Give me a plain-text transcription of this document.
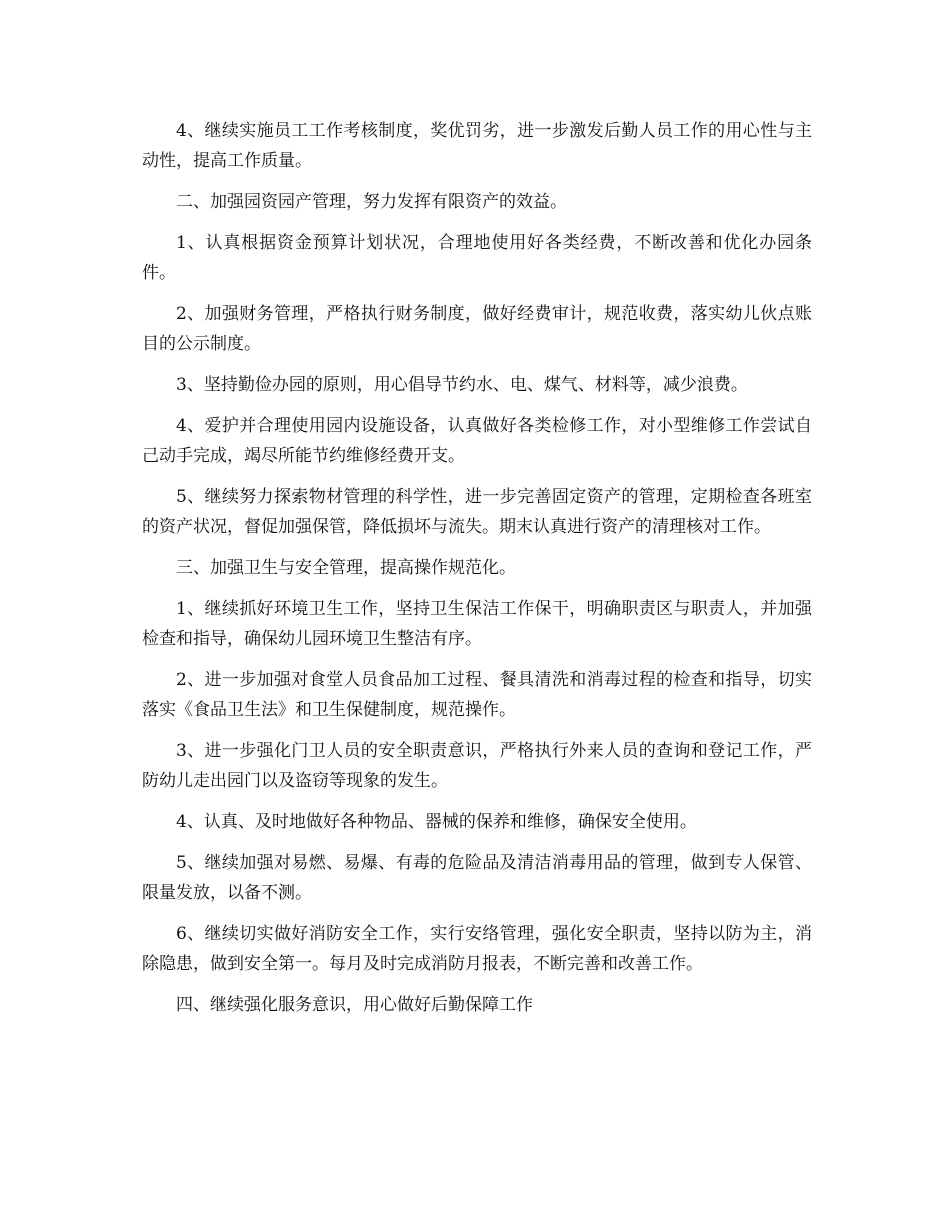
4、继续实施员工工作考核制度，奖优罚劣，进一步激发后勤人员工作的用心性与主动性，提高工作质量。

二、加强园资园产管理，努力发挥有限资产的效益。

1、认真根据资金预算计划状况，合理地使用好各类经费，不断改善和优化办园条件。

2、加强财务管理，严格执行财务制度，做好经费审计，规范收费，落实幼儿伙点账目的公示制度。

3、坚持勤俭办园的原则，用心倡导节约水、电、煤气、材料等，减少浪费。

4、爱护并合理使用园内设施设备，认真做好各类检修工作，对小型维修工作尝试自己动手完成，竭尽所能节约维修经费开支。

5、继续努力探索物材管理的科学性，进一步完善固定资产的管理，定期检查各班室的资产状况，督促加强保管，降低损坏与流失。期末认真进行资产的清理核对工作。

三、加强卫生与安全管理，提高操作规范化。

1、继续抓好环境卫生工作，坚持卫生保洁工作保干，明确职责区与职责人，并加强检查和指导，确保幼儿园环境卫生整洁有序。

2、进一步加强对食堂人员食品加工过程、餐具清洗和消毒过程的检查和指导，切实落实《食品卫生法》和卫生保健制度，规范操作。

3、进一步强化门卫人员的安全职责意识，严格执行外来人员的查询和登记工作，严防幼儿走出园门以及盗窃等现象的发生。

4、认真、及时地做好各种物品、器械的保养和维修，确保安全使用。

5、继续加强对易燃、易爆、有毒的危险品及清洁消毒用品的管理，做到专人保管、限量发放，以备不测。

6、继续切实做好消防安全工作，实行安络管理，强化安全职责，坚持以防为主，消除隐患，做到安全第一。每月及时完成消防月报表，不断完善和改善工作。

四、继续强化服务意识，用心做好后勤保障工作
